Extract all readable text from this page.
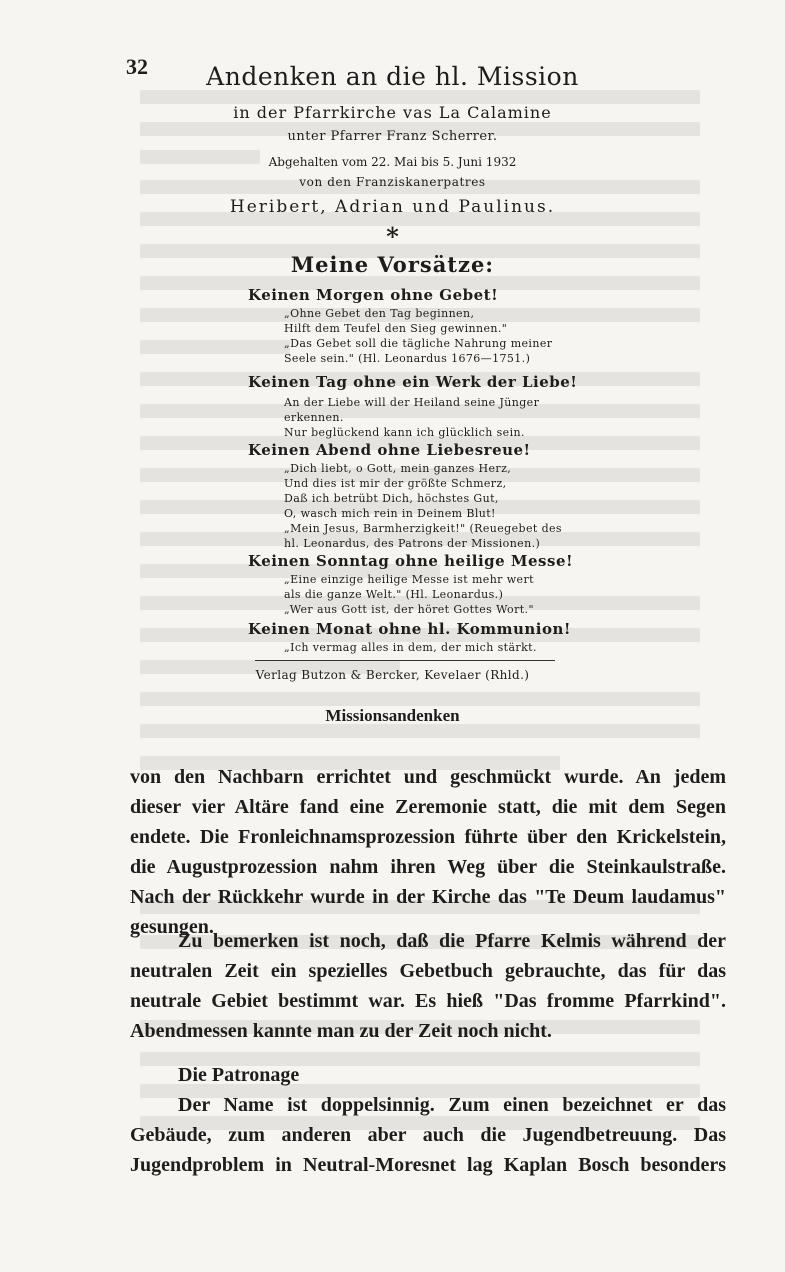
32	Andenken an die hl. Mission
in der Pfarrkirche vas La Calamine
unter Pfarrer Franz Scherrer.
Abgehalten vom 22. Mai bis 5. Juni 1932
von den Franziskanerpatres
Heribert, Adrian und Paulinus.
*
Meine Vorsätze:
Keinen Morgen ohne Gebet!
„Ohne Gebet den Tag beginnen,
Hilft dem Teufel den Sieg gewinnen."
„Das Gebet soll die tägliche Nahrung meiner
Seele sein." (Hl. Leonardus 1676—1751.)
Keinen Tag ohne ein Werk der Liebe!
An der Liebe will der Heiland seine Jünger
erkennen.
Nur beglückend kann ich glücklich sein.
Keinen Abend ohne Liebesreue!
„Dich liebt, o Gott, mein ganzes Herz,
Und dies ist mir der größte Schmerz,
Daß ich betrübt Dich, höchstes Gut,
O, wasch mich rein in Deinem Blut!
„Mein Jesus, Barmherzigkeit!" (Reuegebet des
hl. Leonardus, des Patrons der Missionen.)
Keinen Sonntag ohne heilige Messe!
„Eine einzige heilige Messe ist mehr wert
als die ganze Welt." (Hl. Leonardus.)
„Wer aus Gott ist, der höret Gottes Wort."
Keinen Monat ohne hl. Kommunion!
„Ich vermag alles in dem, der mich stärkt.
Verlag Butzon & Bercker, Kevelaer (Rhld.)
Missionsandenken
von den Nachbarn errichtet und geschmückt wurde. An jedem
dieser vier Altäre fand eine Zeremonie statt, die mit dem Segen
endete. Die Fronleichnamsprozession führte über den Krickelstein,
die Augustprozession nahm ihren Weg über die Steinkaulstraße.
Nach der Rückkehr wurde in der Kirche das "Te Deum laudamus"
gesungen.
Zu bemerken ist noch, daß die Pfarre Kelmis während der
neutralen Zeit ein spezielles Gebetbuch gebrauchte, das für das
neutrale Gebiet bestimmt war. Es hieß "Das fromme Pfarrkind".
Abendmessen kannte man zu der Zeit noch nicht.
Die Patronage
Der Name ist doppelsinnig. Zum einen bezeichnet er das
Gebäude, zum anderen aber auch die Jugendbetreuung. Das
Jugendproblem in Neutral-Moresnet lag Kaplan Bosch besonders
